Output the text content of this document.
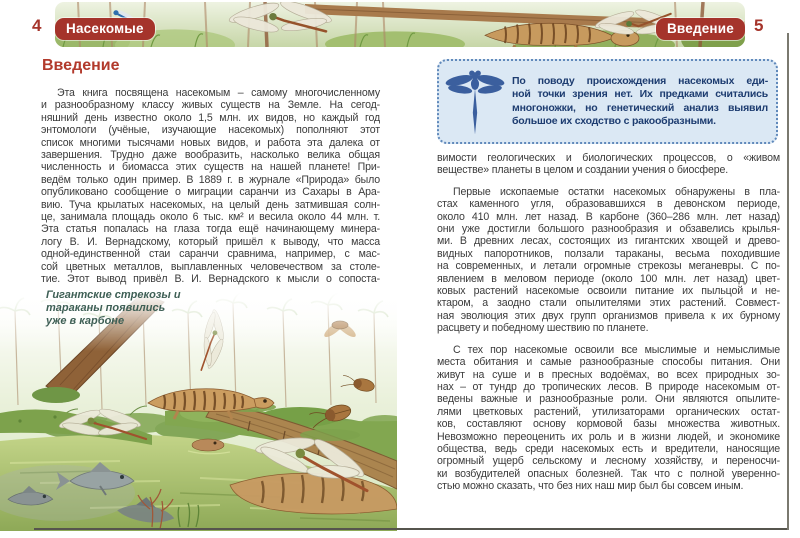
4	5
Насекомые	Введение
Введение
Эта книга посвящена насекомым – самому многочисленному
и разнообразному классу живых существ на Земле. На сегод-
няшний день известно около 1,5 млн. их видов, но каждый год
энтомологи (учёные, изучающие насекомых) пополняют этот
список многими тысячами новых видов, и работа эта далека от
завершения. Трудно даже вообразить, насколько велика общая
численность и биомасса этих существ на нашей планете! При-
ведём только один пример. В 1889 г. в журнале «Природа» было
опубликовано сообщение о миграции саранчи из Сахары в Ара-
вию. Туча крылатых насекомых, на целый день затмившая солн-
це, занимала площадь около 6 тыс. км² и весила около 44 млн. т.
Эта статья попалась на глаза тогда ещё начинающему минера-
логу В. И. Вернадскому, который пришёл к выводу, что масса
одной-единственной стаи саранчи сравнима, например, с мас-
сой цветных металлов, выплавленных человечеством за столе-
тие. Этот вывод привёл В. И. Вернадского к мысли о сопоста-
Гигантские стрекозы и
тараканы появились
уже в карбоне
По поводу происхождения насекомых еди-
ной точки зрения нет. Их предками считались
многоножки, но генетический анализ выявил
большое их сходство с ракообразными.
вимости геологических и биологических процессов, о «живом
веществе» планеты в целом и создании учения о биосфере.
Первые ископаемые остатки насекомых обнаружены в пла-
стах каменного угля, образовавшихся в девонском периоде,
около 410 млн. лет назад. В карбоне (360–286 млн. лет назад)
они уже достигли большого разнообразия и обзавелись крылья-
ми. В древних лесах, состоящих из гигантских хвощей и древо-
видных папоротников, ползали тараканы, весьма походившие
на современных, и летали огромные стрекозы меганевры. С по-
явлением в меловом периоде (около 100 млн. лет назад) цвет-
ковых растений насекомые освоили питание их пыльцой и не-
ктаром, а заодно стали опылителями этих растений. Совмест-
ная эволюция этих двух групп организмов привела к их бурному
расцвету и победному шествию по планете.
С тех пор насекомые освоили все мыслимые и немыслимые
места обитания и самые разнообразные способы питания. Они
живут на суше и в пресных водоёмах, во всех природных зо-
нах – от тундр до тропических лесов. В природе насекомым от-
ведены важные и разнообразные роли. Они являются опылите-
лями цветковых растений, утилизаторами органических остат-
ков, составляют основу кормовой базы множества животных.
Невозможно переоценить их роль и в жизни людей, и экономике
общества, ведь среди насекомых есть и вредители, наносящие
огромный ущерб сельскому и лесному хозяйству, и переносчи-
ки возбудителей опасных болезней. Так что с полной уверенно-
стью можно сказать, что без них наш мир был бы совсем иным.
